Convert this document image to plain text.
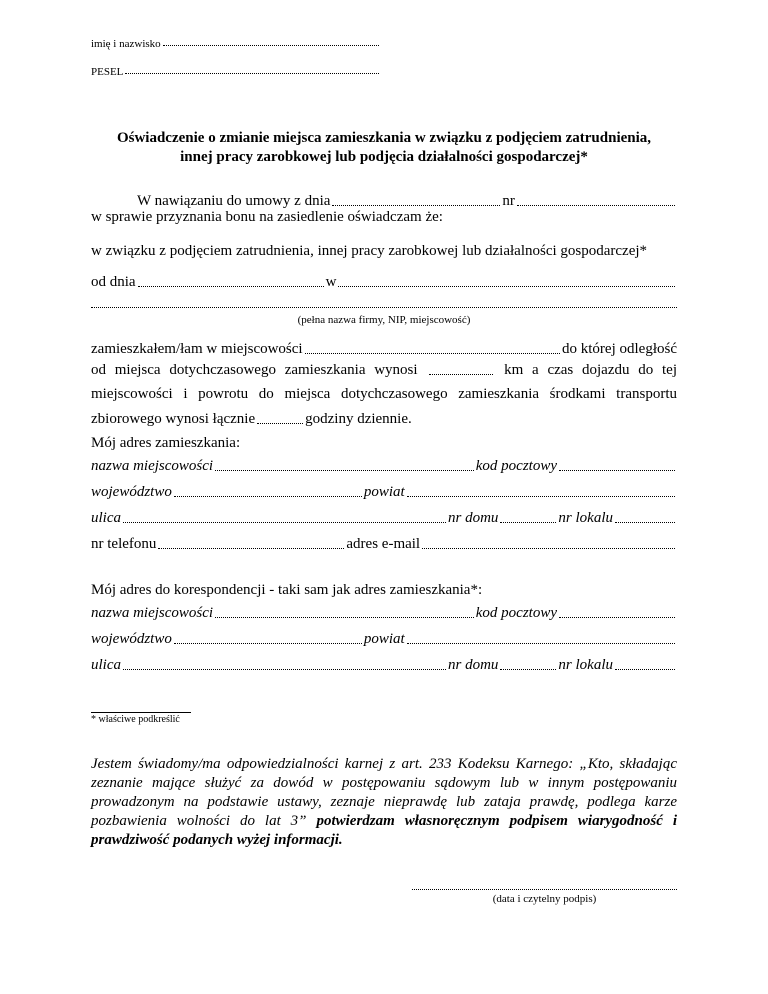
imię i nazwisko
PESEL
Oświadczenie o zmianie miejsca zamieszkania w związku z podjęciem zatrudnienia,
innej pracy zarobkowej lub podjęcia działalności gospodarczej*
W nawiązaniu do umowy z dnia	nr
w sprawie przyznania bonu na zasiedlenie oświadczam że:
w związku z podjęciem zatrudnienia, innej pracy zarobkowej lub działalności gospodarczej*
od dnia	w
(pełna nazwa firmy, NIP, miejscowość)
zamieszkałem/łam w miejscowości	do której odległość
od miejsca dotychczasowego zamieszkania wynosi	km a czas dojazdu do tej
miejscowości i powrotu do miejsca dotychczasowego zamieszkania środkami transportu
zbiorowego wynosi łącznie	godziny dziennie.
Mój adres zamieszkania:
nazwa miejscowości	kod pocztowy
województwo	powiat
ulica	nr domu	nr lokalu
nr telefonu	adres e-mail
Mój adres do korespondencji - taki sam jak adres zamieszkania*:
nazwa miejscowości	kod pocztowy
województwo	powiat
ulica	nr domu	nr lokalu
* właściwe podkreślić
Jestem świadomy/ma odpowiedzialności karnej z art. 233 Kodeksu Karnego: „Kto, składając zeznanie mające służyć za dowód w postępowaniu sądowym lub w innym postępowaniu prowadzonym na podstawie ustawy, zeznaje nieprawdę lub zataja prawdę, podlega karze pozbawienia wolności do lat 3” potwierdzam własnoręcznym podpisem wiarygodność i prawdziwość podanych wyżej informacji.
(data i czytelny podpis)
